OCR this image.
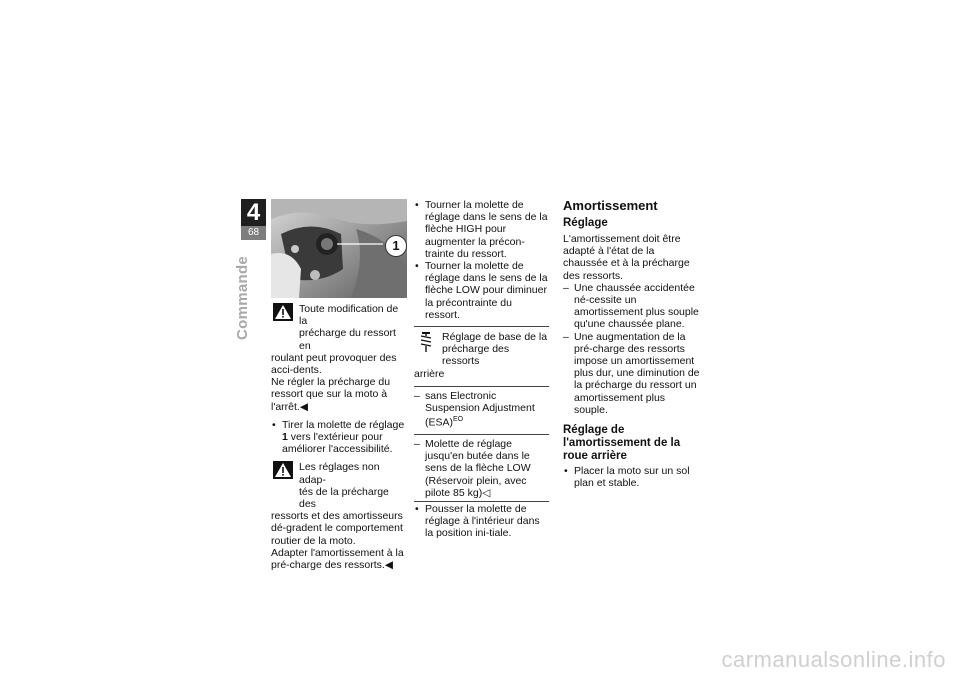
4
68
Commande
1
Toute modification de la
précharge du ressort en

roulant peut provoquer des acci-dents.

Ne régler la précharge du ressort que sur la moto à l'arrêt.◀

• Tirer la molette de réglage 1 vers l'extérieur pour améliorer l'accessibilité.

Les réglages non adap-
tés de la précharge des

ressorts et des amortisseurs dé-gradent le comportement routier de la moto.

Adapter l'amortissement à la pré-charge des ressorts.◀

• Tourner la molette de réglage dans le sens de la flèche HIGH pour augmenter la précon-trainte du ressort.

• Tourner la molette de réglage dans le sens de la flèche LOW pour diminuer la précontrainte du ressort.

Réglage de base de la
précharge des ressorts

arrière

– sans Electronic Suspension Adjustment (ESA)$^{EO}$

– Molette de réglage jusqu'en butée dans le sens de la flèche LOW (Réservoir plein, avec pilote 85 kg)◁

• Pousser la molette de réglage à l'intérieur dans la position ini-tiale.

Amortissement

Réglage

L'amortissement doit être adapté à l'état de la chaussée et à la précharge des ressorts.

– Une chaussée accidentée né-cessite un amortissement plus souple qu'une chaussée plane.

– Une augmentation de la pré-charge des ressorts impose un amortissement plus dur, une diminution de la précharge du ressort un amortissement plus souple.

Réglage de l'amortissement de la roue arrière

• Placer la moto sur un sol plan et stable.

carmanualsonline.info
